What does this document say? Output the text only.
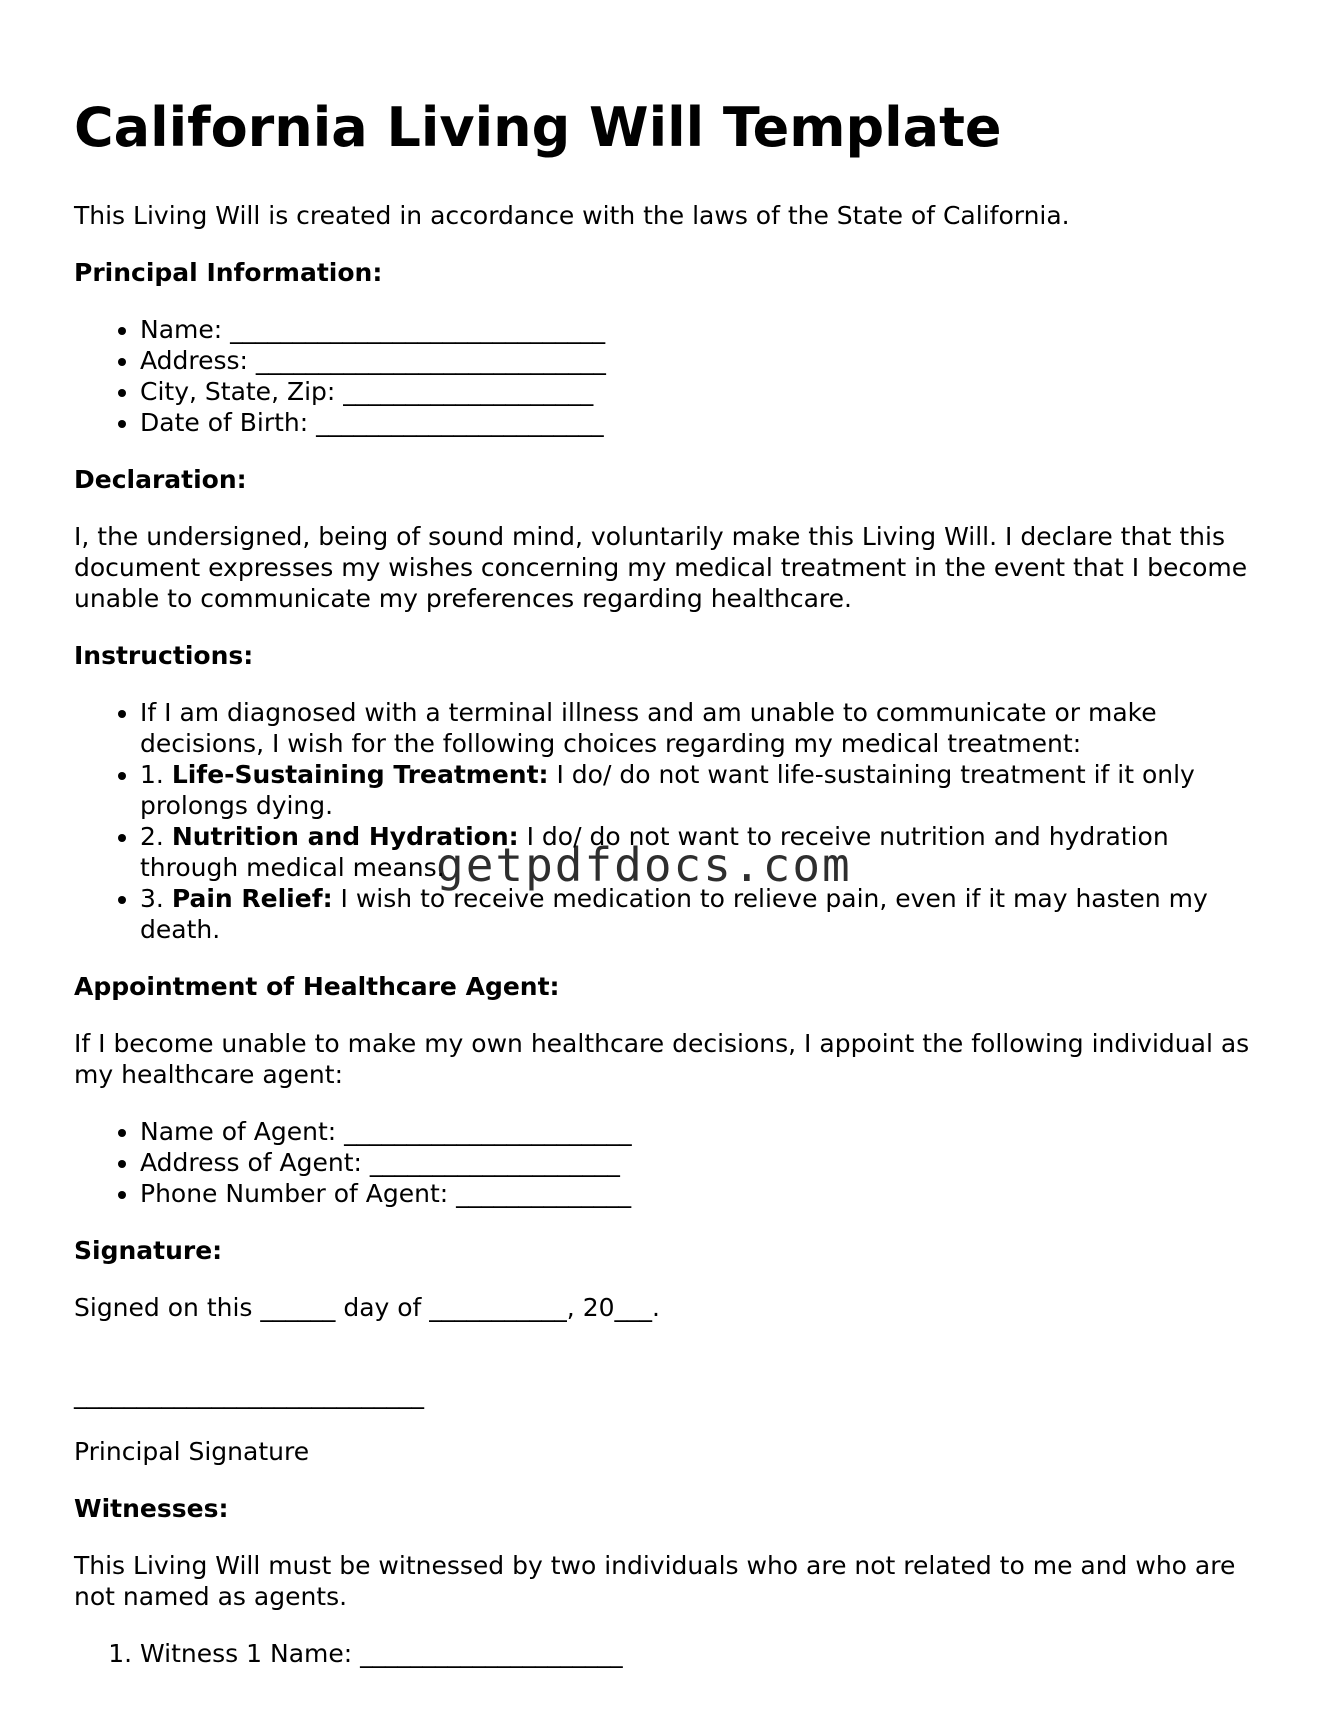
California Living Will Template

This Living Will is created in accordance with the laws of the State of California.

Principal Information:

• Name: ______________________________
• Address: ____________________________
• City, State, Zip: ____________________
• Date of Birth: _______________________

Declaration:

I, the undersigned, being of sound mind, voluntarily make this Living Will. I declare that this document expresses my wishes concerning my medical treatment in the event that I become unable to communicate my preferences regarding healthcare.

Instructions:

• If I am diagnosed with a terminal illness and am unable to communicate or make decisions, I wish for the following choices regarding my medical treatment:
• 1. Life-Sustaining Treatment: I do/ do not want life-sustaining treatment if it only prolongs dying.
• 2. Nutrition and Hydration: I do/ do not want to receive nutrition and hydration through medical means.
• 3. Pain Relief: I wish to receive medication to relieve pain, even if it may hasten my death.

Appointment of Healthcare Agent:

If I become unable to make my own healthcare decisions, I appoint the following individual as my healthcare agent:

• Name of Agent: _______________________
• Address of Agent: ____________________
• Phone Number of Agent: ______________

Signature:

Signed on this ______ day of ___________, 20___.

____________________________

Principal Signature

Witnesses:

This Living Will must be witnessed by two individuals who are not related to me and who are not named as agents.

1. Witness 1 Name: _____________________
getpdfdocs.com
